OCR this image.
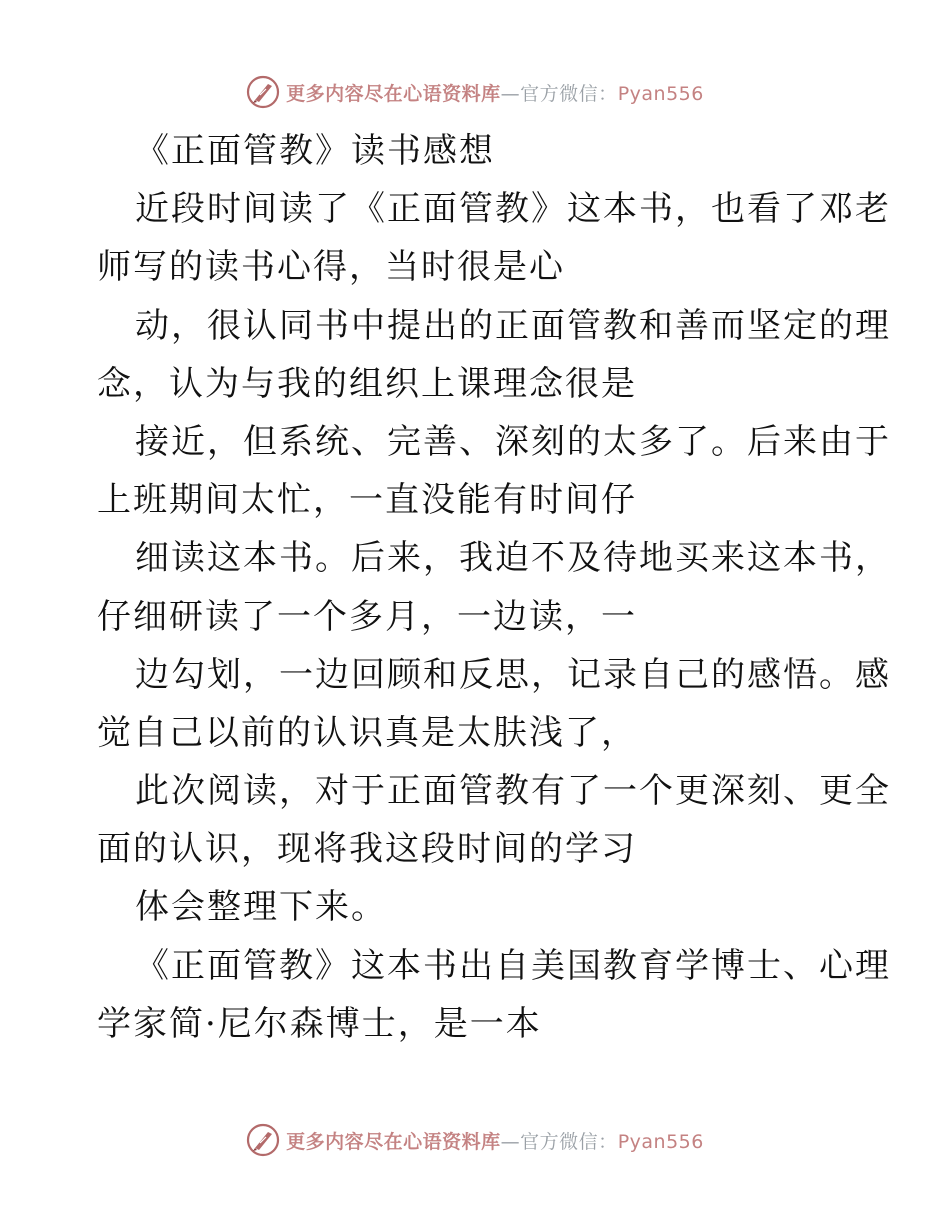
更多内容尽在心语资料库—官方微信：Pyan556
《正面管教》读书感想
近段时间读了《正面管教》这本书，也看了邓老
师写的读书心得，当时很是心
动，很认同书中提出的正面管教和善而坚定的理
念，认为与我的组织上课理念很是
接近，但系统、完善、深刻的太多了。后来由于
上班期间太忙，一直没能有时间仔
细读这本书。后来，我迫不及待地买来这本书，
仔细研读了一个多月，一边读，一
边勾划，一边回顾和反思，记录自己的感悟。感
觉自己以前的认识真是太肤浅了，
此次阅读，对于正面管教有了一个更深刻、更全
面的认识，现将我这段时间的学习
体会整理下来。
《正面管教》这本书出自美国教育学博士、心理
学家简·尼尔森博士，是一本
更多内容尽在心语资料库—官方微信：Pyan556
